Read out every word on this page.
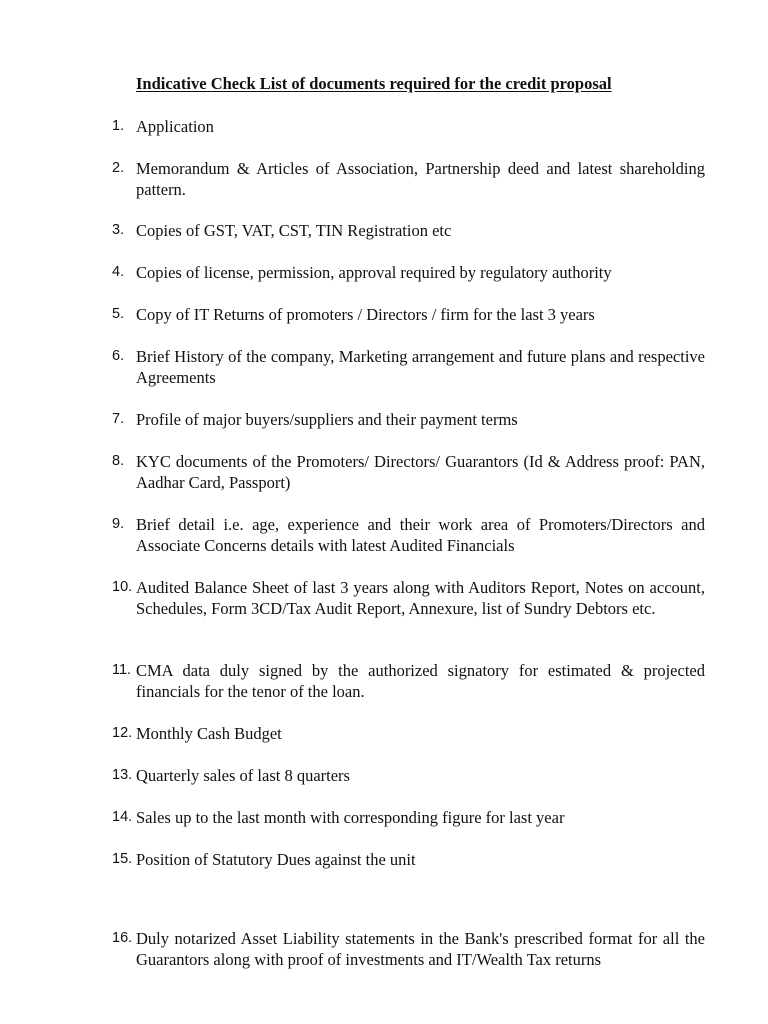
Indicative Check List of documents required for the credit proposal
1. Application
2. Memorandum & Articles of Association, Partnership deed and latest shareholding pattern.
3. Copies of GST, VAT, CST, TIN Registration etc
4. Copies of license, permission, approval required by regulatory authority
5. Copy of IT Returns of promoters / Directors / firm for the last 3 years
6. Brief History of the company, Marketing arrangement and future plans and respective Agreements
7. Profile of major buyers/suppliers and their payment terms
8. KYC documents of the Promoters/ Directors/ Guarantors (Id & Address proof: PAN, Aadhar Card, Passport)
9. Brief detail i.e. age, experience and their work area of Promoters/Directors and Associate Concerns details with latest Audited Financials
10. Audited Balance Sheet of last 3 years along with Auditors Report, Notes on account, Schedules, Form 3CD/Tax Audit Report, Annexure, list of Sundry Debtors etc.
11. CMA data duly signed by the authorized signatory for estimated & projected financials for the tenor of the loan.
12. Monthly Cash Budget
13. Quarterly sales of last 8 quarters
14. Sales up to the last month with corresponding figure for last year
15. Position of Statutory Dues against the unit
16. Duly notarized Asset Liability statements in the Bank's prescribed format for all the Guarantors along with proof of investments and IT/Wealth Tax returns
